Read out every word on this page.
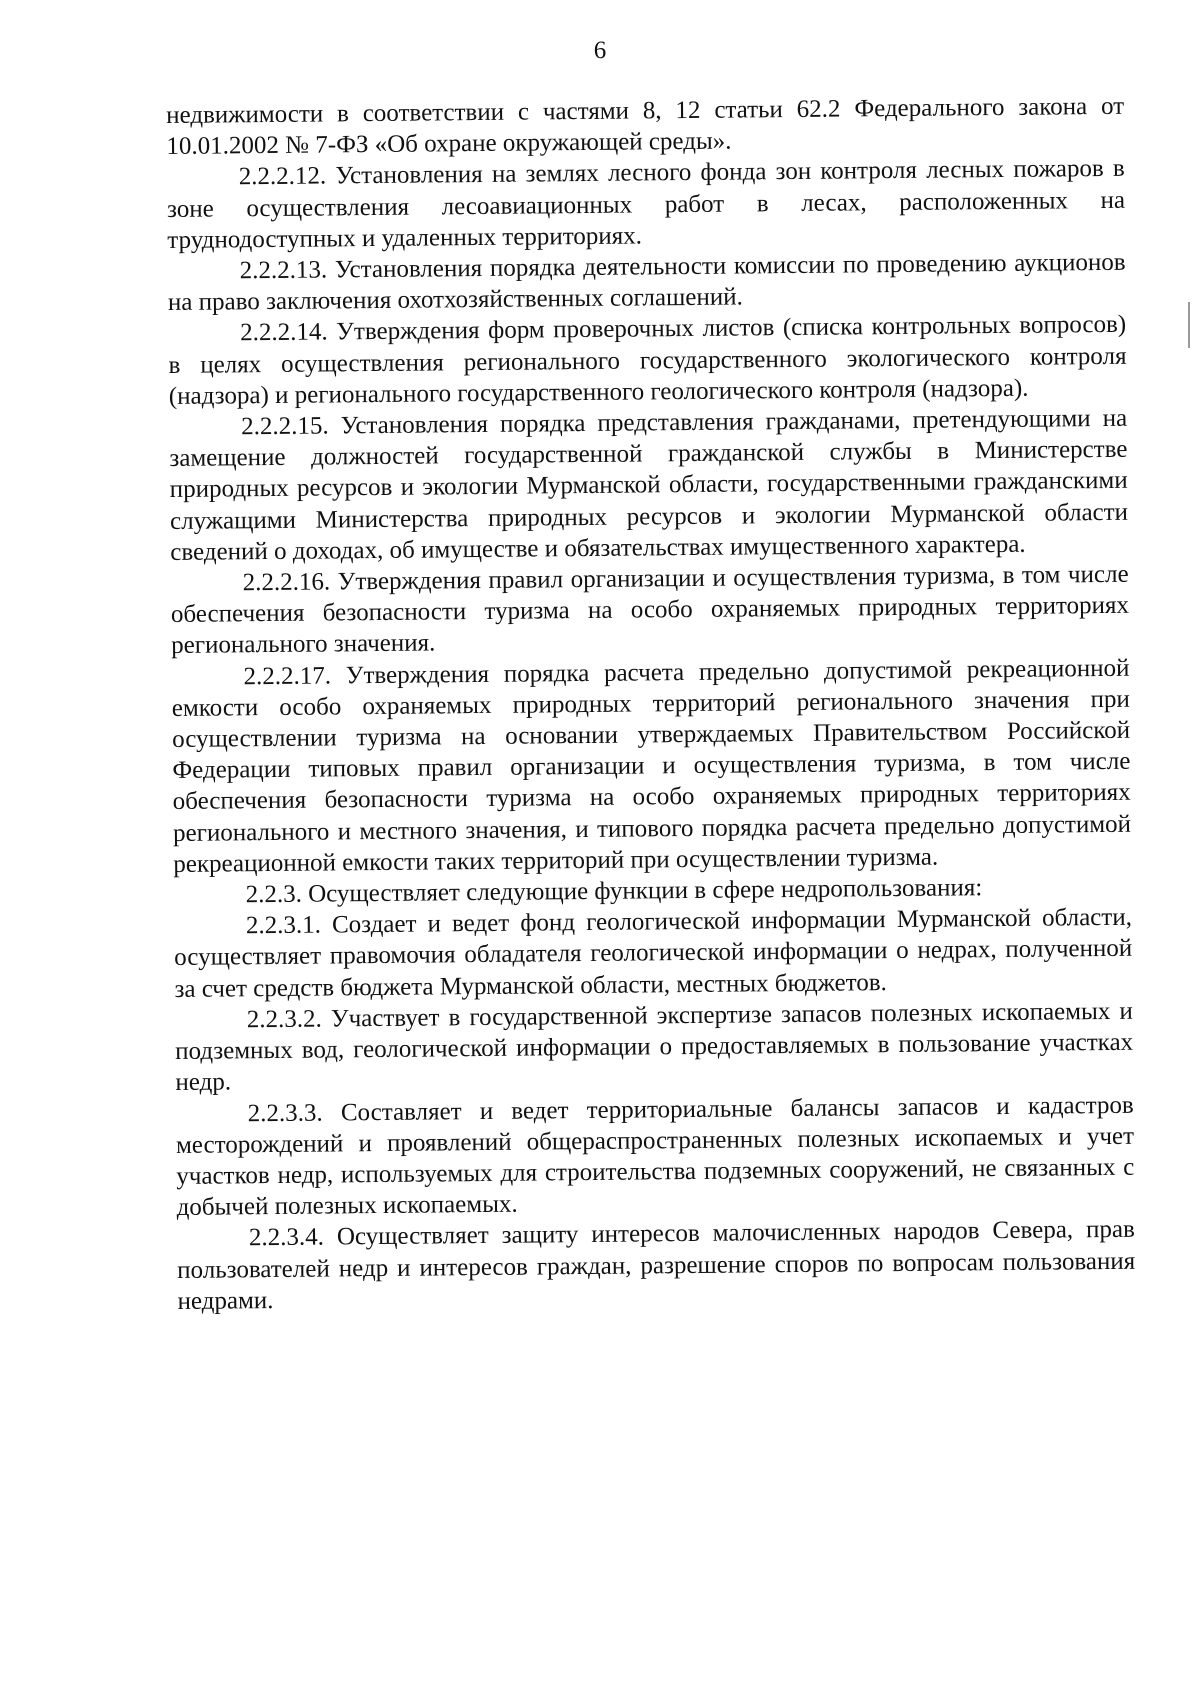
6

недвижимости в соответствии с частями 8, 12 статьи 62.2 Федерального закона от 10.01.2002 № 7-ФЗ «Об охране окружающей среды».

2.2.2.12. Установления на землях лесного фонда зон контроля лесных пожаров в зоне осуществления лесоавиационных работ в лесах, расположенных на труднодоступных и удаленных территориях.

2.2.2.13. Установления порядка деятельности комиссии по проведению аукционов на право заключения охотхозяйственных соглашений.

2.2.2.14. Утверждения форм проверочных листов (списка контрольных вопросов) в целях осуществления регионального государственного экологического контроля (надзора) и регионального государственного геологического контроля (надзора).

2.2.2.15. Установления порядка представления гражданами, претендующими на замещение должностей государственной гражданской службы в Министерстве природных ресурсов и экологии Мурманской области, государственными гражданскими служащими Министерства природных ресурсов и экологии Мурманской области сведений о доходах, об имуществе и обязательствах имущественного характера.

2.2.2.16. Утверждения правил организации и осуществления туризма, в том числе обеспечения безопасности туризма на особо охраняемых природных территориях регионального значения.

2.2.2.17. Утверждения порядка расчета предельно допустимой рекреационной емкости особо охраняемых природных территорий регионального значения при осуществлении туризма на основании утверждаемых Правительством Российской Федерации типовых правил организации и осуществления туризма, в том числе обеспечения безопасности туризма на особо охраняемых природных территориях регионального и местного значения, и типового порядка расчета предельно допустимой рекреационной емкости таких территорий при осуществлении туризма.

2.2.3. Осуществляет следующие функции в сфере недропользования:

2.2.3.1. Создает и ведет фонд геологической информации Мурманской области, осуществляет правомочия обладателя геологической информации о недрах, полученной за счет средств бюджета Мурманской области, местных бюджетов.

2.2.3.2. Участвует в государственной экспертизе запасов полезных ископаемых и подземных вод, геологической информации о предоставляемых в пользование участках недр.

2.2.3.3. Составляет и ведет территориальные балансы запасов и кадастров месторождений и проявлений общераспространенных полезных ископаемых и учет участков недр, используемых для строительства подземных сооружений, не связанных с добычей полезных ископаемых.

2.2.3.4. Осуществляет защиту интересов малочисленных народов Севера, прав пользователей недр и интересов граждан, разрешение споров по вопросам пользования недрами.
